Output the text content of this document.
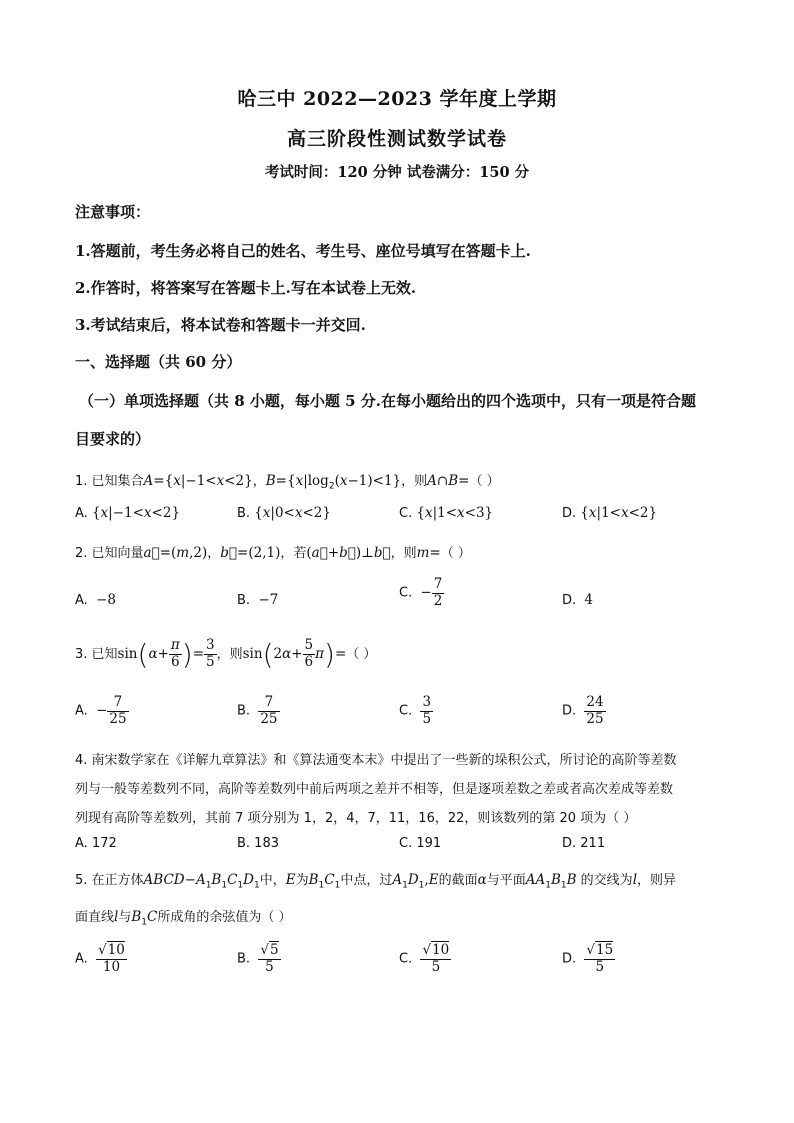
哈三中 2022—2023 学年度上学期
高三阶段性测试数学试卷
考试时间：120 分钟 试卷满分：150 分
注意事项：
1.答题前，考生务必将自己的姓名、考生号、座位号填写在答题卡上.
2.作答时，将答案写在答题卡上.写在本试卷上无效.
3.考试结束后，将本试卷和答题卡一并交回.
一、选择题（共 60 分）
（一）单项选择题（共 8 小题，每小题 5 分.在每小题给出的四个选项中，只有一项是符合题
目要求的）
1. 已知集合A={x|−1<x<2}，$B=\{x|\log_2(x-1)<1\}$，则A∩B=（ ）
A. {x|−1<x<2}	B. {x|0<x<2}	C. {x|1<x<3}	D. {x|1<x<2}
2. 已知向量a⃗=(m,2)，b⃗=(2,1)，若(a⃗+b⃗)⊥b⃗，则m=（ ）
A. −8	B. −7	C. − $\frac{7}{2}$	D. 4
3. 已知$\sin(\alpha+ \frac{\pi}{6}$ )= $\frac{3}{5}$ ，则$\sin(2\alpha+ \frac{5}{6} \pi)=$（ ）
A. − $\frac{7}{25}$	B. $\frac{7}{25}$	C. $\frac{3}{5}$	D. $\frac{24}{25}$
4. 南宋数学家在《详解九章算法》和《算法通变本末》中提出了一些新的垛积公式，所讨论的高阶等差数
列与一般等差数列不同，高阶等差数列中前后两项之差并不相等，但是逐项差数之差或者高次差成等差数
列现有高阶等差数列，其前 7 项分别为 1，2，4，7，11，16，22，则该数列的第 20 项为（ ）
A. 172	B. 183	C. 191	D. 211
5. 在正方体$ABCD-A_1B_1C_1D_1$中，E为$B_1C_1$中点，过$A_1D_1,E$的截面α与平面$AA_1B_1B$ 的交线为l，则异
面直线l与$B_1C$所成角的余弦值为（ ）
A. $\frac{√10}{10}$	B. $\frac{√5}{5}$	C. $\frac{√10}{5}$	D. $\frac{√15}{5}$
